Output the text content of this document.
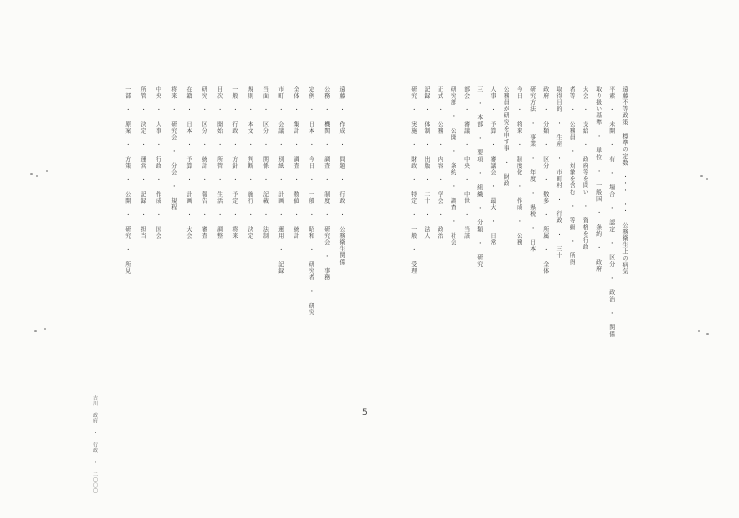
遠藤不等政策 標準の定数 ・・・ ・・ 公務衛生上の病気
平素 ・ 未開 ・ 有 ・ 場合 ・ 認定 ・ 区分 ・ 政治 ・ 関係
取り扱い基準 ・ 単位 ・ 一般国 ・ 条約 ・ 政府
大会 ・ 支給 ・ 政府等を問い ・ 資格を行政
者等 ・ 公務員 ・ 対象を含む ・ 等級 ・ 所得
取得目的 ・ 生産 ・ 市町村 ・ 行政 ・ 三十
政府 ・ 分類 ・ 区分 ・ 数多 ・ 所属 ・ 全体
研究方法 ・ 事業 ・ 年度 ・ 県税 ・ 日本
今日 ・ 将来 ・ 制度化 ・ 作成 ・ 公務
公務員が研究を申す事 ・ 財政
人事 ・ 予算 ・ 審議会 ・ 最大 ・ 日常
三 ・ 本部 ・ 要項 ・ 組織 ・ 分類 ・ 研究
部会 ・ 審議 ・ 中央 ・ 中世 ・ 当該
研究部 ・ 公開 ・ 条約 ・ 調査 ・ 社会
正式 ・ 公務 ・ 内容 ・ 学会 ・ 政治
記録 ・ 体制 ・ 出版 ・ 二十 ・ 法人
研究 ・ 実施 ・ 財政 ・ 特定 ・ 一般 ・ 受理
遠藤 ・ 作成 ・ 問題 ・ 行政 ・ 公務衛生関係
公務 ・ 機関 ・ 調査 ・ 制度 ・ 研究会 ・ 事務
定例 ・ 日本 ・ 今日 ・ 一般 ・ 昭和 ・ 研究者 ・ 研究
全体 ・ 集計 ・ 調査 ・ 数値 ・ 統計
市町 ・ 会議 ・ 別紙 ・ 計画 ・ 運用 ・ 記録
当面 ・ 区分 ・ 関係 ・ 記載 ・ 法制
規則 ・ 本文 ・ 判断 ・ 施行 ・ 決定
一般 ・ 行政 ・ 方針 ・ 予定 ・ 将来
目次 ・ 開始 ・ 所管 ・ 生活 ・ 調整
研究 ・ 区分 ・ 統計 ・ 報告 ・ 審査
在籍 ・ 日本 ・ 予算 ・ 計画 ・ 大会
将来 ・ 研究会 ・ 分会 ・ 規程
中央 ・ 人事 ・ 行政 ・ 作成 ・ 国会
所管 ・ 決定 ・ 運営 ・ 記録 ・ 担当
一部 ・ 原案 ・ 方策 ・ 公開 ・ 研究 ・ 所見
5
古川 政府 ・ 行政 ・ 二〇〇〇
